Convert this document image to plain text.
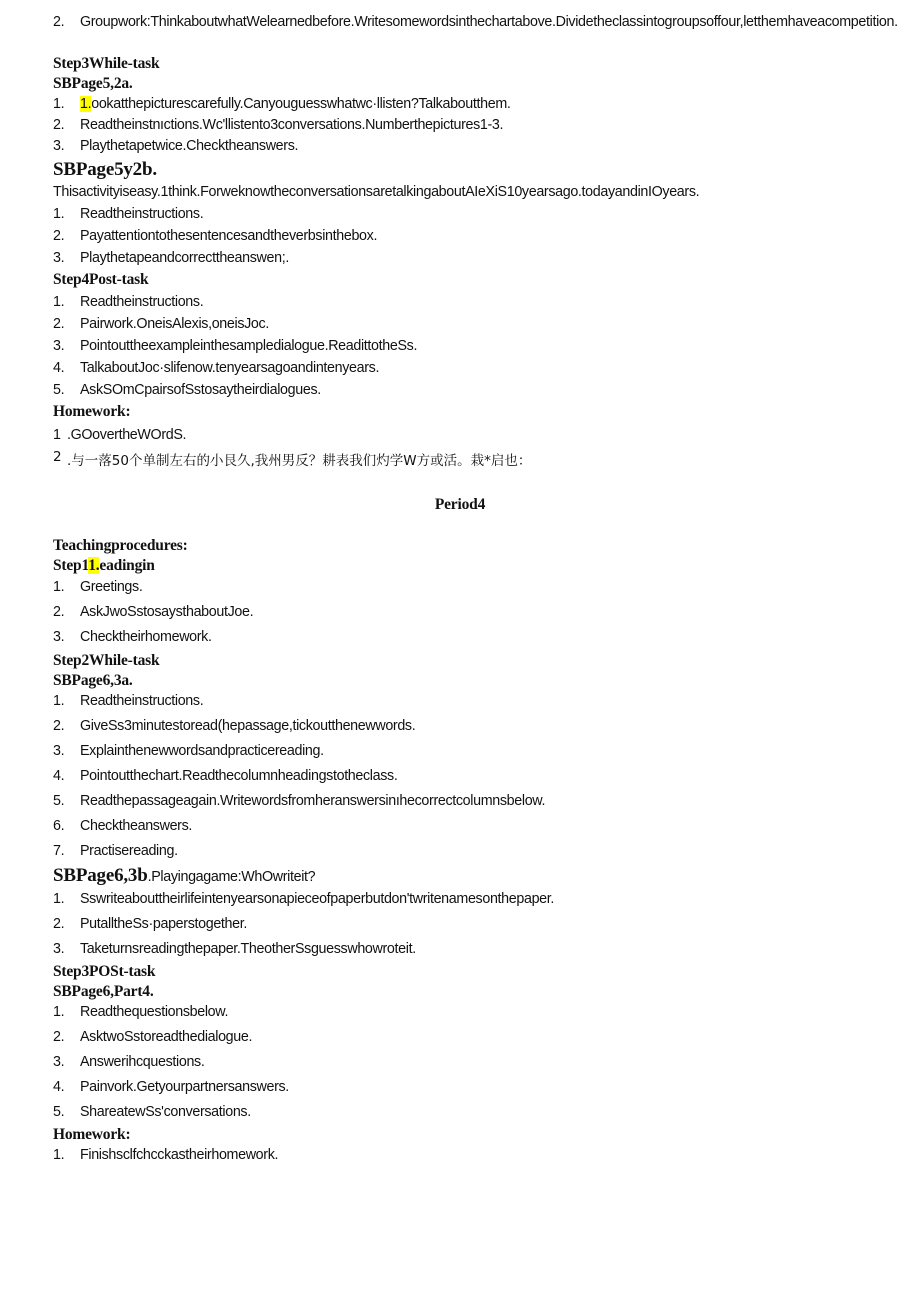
2. Groupwork:ThinkaboutwhatWelearnedbefore.Writesomewordsinthechartabove.Dividetheclassintogroupsoffour,letthemhaveacompetition.
Step3While-task
SBPage5,2a.
1. 1.ookatthepicturescarefully.Canyouguesswhatwc·llisten?Talkaboutthem.
2. Readtheinstnıctions.Wc'llistento3conversations.Numberthepictures1-3.
3. Playthetapetwice.Checktheanswers.
SBPage5y2b.
Thisactivityiseasy.1think.ForweknowtheconversationsaretalkingaboutAIeXiS10yearsago.todayandinIOyears.
1. Readtheinstructions.
2. Payattentiontothesentencesandtheverbsinthebox.
3. Playthetapeandcorrecttheanswen;.
Step4Post-task
1. Readtheinstructions.
2. Pairwork.OneisAlexis,oneisJoc.
3. Pointouttheexampleinthesampledialogue.ReadittotheSs.
4. TalkaboutJoc·slifenow.tenyearsagoandintenyears.
5. AskSOmCpairsofSstosaytheirdialogues.
Homework:
1 .GOovertheWOrdS.
2 .与一落50个单制左右的小艮久,我州男反？耕表我们灼学W方或活。栽*启也：
Period4
Teachingprocedures:
Step11.eadingin
1. Greetings.
2. AskJwoSstosaysthaboutJoe.
3. Checktheirhomework.
Step2While-task
SBPage6,3a.
1. Readtheinstructions.
2. GiveSs3minutestoread(hepassage,tickoutthenewwords.
3. Explainthenewwordsandpracticereading.
4. Pointoutthechart.Readthecolumnheadingstotheclass.
5. Readthepassageagain.Writewordsfromheranswersinıhecorrectcolumnsbelow.
6. Checktheanswers.
7. Practisereading.
SBPage6,3b.Playingagame:WhOwriteit?
1. Sswriteabouttheirlifeintenyearsonapieceofpaperbutdon'twritenamesonthepaper.
2. PutalltheSs·paperstogether.
3. Taketurnsreadingthepaper.TheotherSsguesswhowroteit.
Step3POSt-task
SBPage6,Part4.
1. Readthequestionsbelow.
2. AsktwoSstoreadthedialogue.
3. Answerihcquestions.
4. Painvork.Getyourpartnersanswers.
5. ShareatewSs'conversations.
Homework:
1. Finishsclfchcckastheirhomework.
